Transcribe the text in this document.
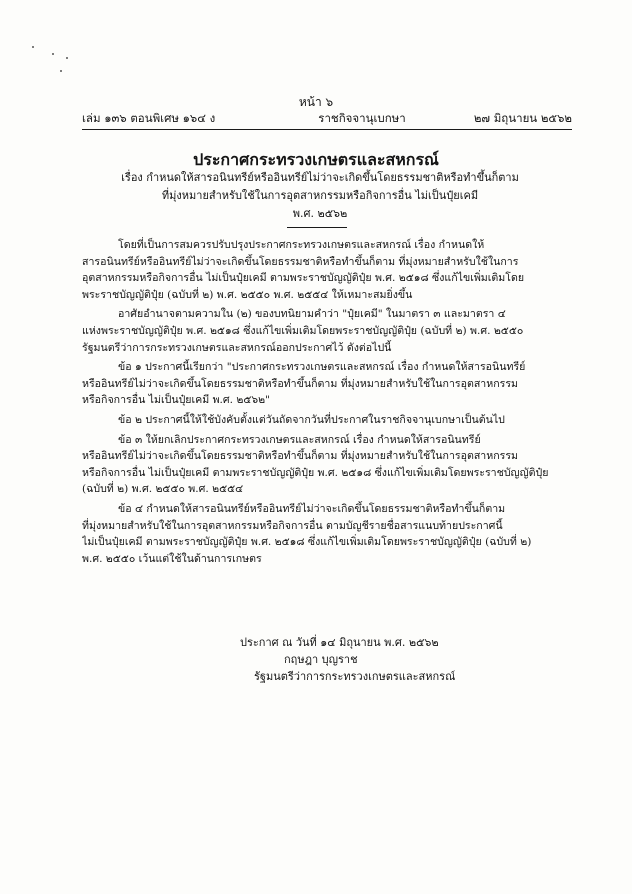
หน้า ๖
เล่ม ๑๓๖ ตอนพิเศษ ๑๖๔ ง	ราชกิจจานุเบกษา	๒๗ มิถุนายน ๒๕๖๒
ประกาศกระทรวงเกษตรและสหกรณ์
เรื่อง กำหนดให้สารอนินทรีย์หรืออินทรีย์ไม่ว่าจะเกิดขึ้นโดยธรรมชาติหรือทำขึ้นก็ตาม
ที่มุ่งหมายสำหรับใช้ในการอุตสาหกรรมหรือกิจการอื่น ไม่เป็นปุ๋ยเคมี
พ.ศ. ๒๕๖๒
โดยที่เป็นการสมควรปรับปรุงประกาศกระทรวงเกษตรและสหกรณ์ เรื่อง กำหนดให้
สารอนินทรีย์หรืออินทรีย์ไม่ว่าจะเกิดขึ้นโดยธรรมชาติหรือทำขึ้นก็ตาม ที่มุ่งหมายสำหรับใช้ในการ
อุตสาหกรรมหรือกิจการอื่น ไม่เป็นปุ๋ยเคมี ตามพระราชบัญญัติปุ๋ย พ.ศ. ๒๕๑๘ ซึ่งแก้ไขเพิ่มเติมโดย
พระราชบัญญัติปุ๋ย (ฉบับที่ ๒) พ.ศ. ๒๕๕๐ พ.ศ. ๒๕๕๔ ให้เหมาะสมยิ่งขึ้น
อาศัยอำนาจตามความใน (๒) ของบทนิยามคำว่า "ปุ๋ยเคมี" ในมาตรา ๓ และมาตรา ๔
แห่งพระราชบัญญัติปุ๋ย พ.ศ. ๒๕๑๘ ซึ่งแก้ไขเพิ่มเติมโดยพระราชบัญญัติปุ๋ย (ฉบับที่ ๒) พ.ศ. ๒๕๕๐
รัฐมนตรีว่าการกระทรวงเกษตรและสหกรณ์ออกประกาศไว้ ดังต่อไปนี้
ข้อ ๑ ประกาศนี้เรียกว่า "ประกาศกระทรวงเกษตรและสหกรณ์ เรื่อง กำหนดให้สารอนินทรีย์
หรืออินทรีย์ไม่ว่าจะเกิดขึ้นโดยธรรมชาติหรือทำขึ้นก็ตาม ที่มุ่งหมายสำหรับใช้ในการอุตสาหกรรม
หรือกิจการอื่น ไม่เป็นปุ๋ยเคมี พ.ศ. ๒๕๖๒"
ข้อ ๒ ประกาศนี้ให้ใช้บังคับตั้งแต่วันถัดจากวันที่ประกาศในราชกิจจานุเบกษาเป็นต้นไป
ข้อ ๓ ให้ยกเลิกประกาศกระทรวงเกษตรและสหกรณ์ เรื่อง กำหนดให้สารอนินทรีย์
หรืออินทรีย์ไม่ว่าจะเกิดขึ้นโดยธรรมชาติหรือทำขึ้นก็ตาม ที่มุ่งหมายสำหรับใช้ในการอุตสาหกรรม
หรือกิจการอื่น ไม่เป็นปุ๋ยเคมี ตามพระราชบัญญัติปุ๋ย พ.ศ. ๒๕๑๘ ซึ่งแก้ไขเพิ่มเติมโดยพระราชบัญญัติปุ๋ย
(ฉบับที่ ๒) พ.ศ. ๒๕๕๐ พ.ศ. ๒๕๕๔
ข้อ ๔ กำหนดให้สารอนินทรีย์หรืออินทรีย์ไม่ว่าจะเกิดขึ้นโดยธรรมชาติหรือทำขึ้นก็ตาม
ที่มุ่งหมายสำหรับใช้ในการอุตสาหกรรมหรือกิจการอื่น ตามบัญชีรายชื่อสารแนบท้ายประกาศนี้
ไม่เป็นปุ๋ยเคมี ตามพระราชบัญญัติปุ๋ย พ.ศ. ๒๕๑๘ ซึ่งแก้ไขเพิ่มเติมโดยพระราชบัญญัติปุ๋ย (ฉบับที่ ๒)
พ.ศ. ๒๕๕๐ เว้นแต่ใช้ในด้านการเกษตร
ประกาศ ณ วันที่ ๑๔ มิถุนายน พ.ศ. ๒๕๖๒
กฤษฎา บุญราช
รัฐมนตรีว่าการกระทรวงเกษตรและสหกรณ์
